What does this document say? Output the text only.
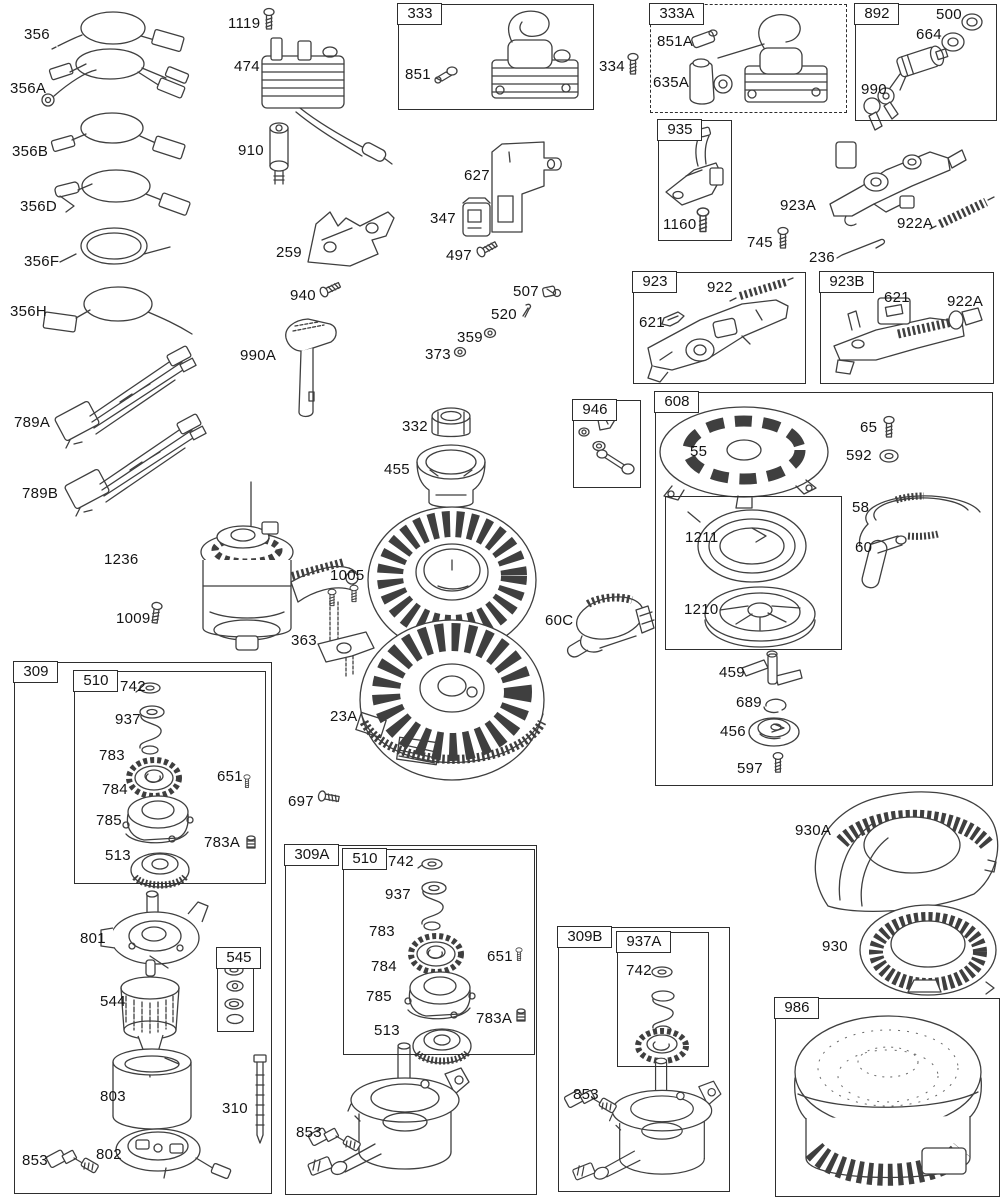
333	333A	892
935
923	923B
946	608
309
510
545
309A	510
309B	937A
986
356
356A
356B
356D
356F
356H
789A
789B
1119
474
910
259
940
990A
627
347
497
507
520
359
373
334
851
851A
635A
500
664
990
1160
923A
922A
745
236
922
621
621 922A
332
455
55
65
592
58
60
1211
1210
459
689
456
597
1236
1009
1005
363
23A
697
60C
930A
930
742
937
783
784
785
513
651
783A
801
544
803
310
802
853
742
937
783
784
785
513
651
783A
853
742
853
